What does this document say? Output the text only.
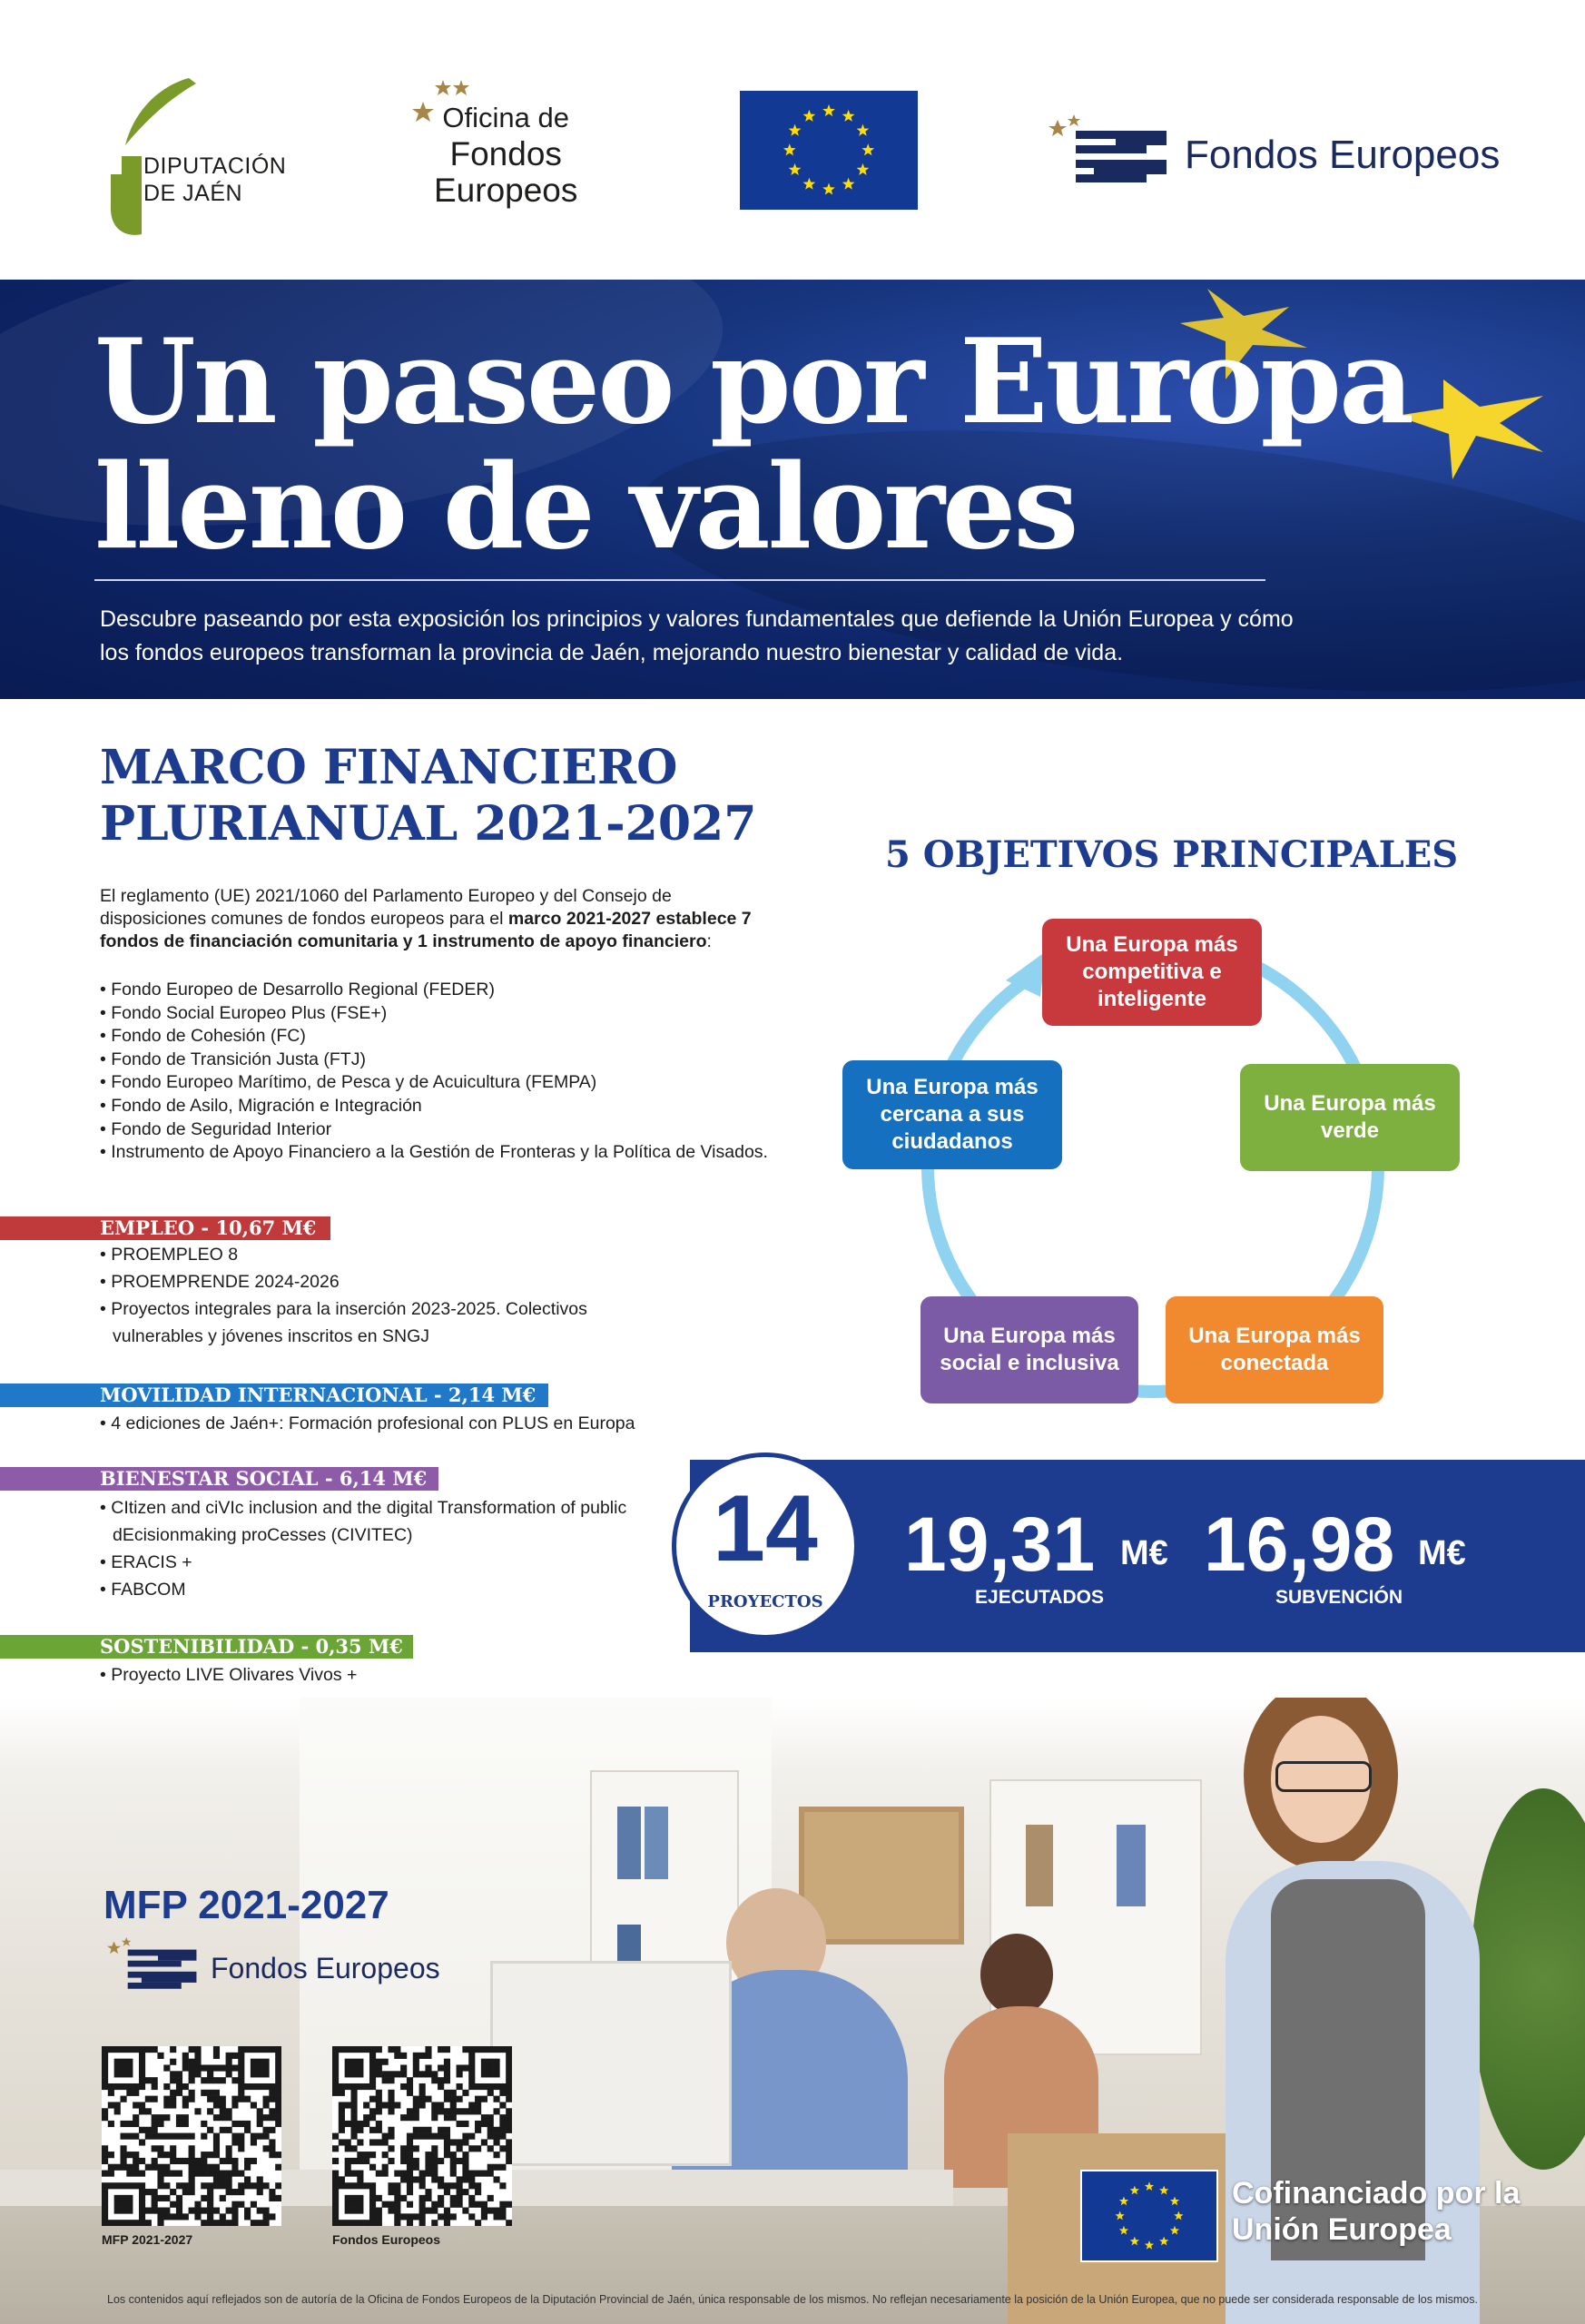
DIPUTACIÓN
DE JAÉN
Oficina de
Fondos
Europeos
Fondos Europeos
Un paseo por Europa
lleno de valores
Descubre paseando por esta exposición los principios y valores fundamentales que defiende la Unión Europea y cómo los fondos europeos transforman la provincia de Jaén, mejorando nuestro bienestar y calidad de vida.
MARCO FINANCIERO
PLURIANUAL 2021-2027
El reglamento (UE) 2021/1060 del Parlamento Europeo y del Consejo de disposiciones comunes de fondos europeos para el marco 2021-2027 establece 7 fondos de financiación comunitaria y 1 instrumento de apoyo financiero:
• Fondo Europeo de Desarrollo Regional (FEDER)
• Fondo Social Europeo Plus (FSE+)
• Fondo de Cohesión (FC)
• Fondo de Transición Justa (FTJ)
• Fondo Europeo Marítimo, de Pesca y de Acuicultura (FEMPA)
• Fondo de Asilo, Migración e Integración
• Fondo de Seguridad Interior
• Instrumento de Apoyo Financiero a la Gestión de Fronteras y la Política de Visados.
EMPLEO - 10,67 M€
• PROEMPLEO 8
• PROEMPRENDE 2024-2026
• Proyectos integrales para la inserción 2023-2025. Colectivos vulnerables y jóvenes inscritos en SNGJ
MOVILIDAD INTERNACIONAL - 2,14 M€
• 4 ediciones de Jaén+: Formación profesional con PLUS en Europa
BIENESTAR SOCIAL - 6,14 M€
• CItizen and ciVIc inclusion and the digital Transformation of public dEcisionmaking proCesses (CIVITEC)
• ERACIS +
• FABCOM
SOSTENIBILIDAD - 0,35 M€
• Proyecto LIVE Olivares Vivos +
5 OBJETIVOS PRINCIPALES
Una Europa más competitiva e inteligente
Una Europa más verde
Una Europa más conectada
Una Europa más social e inclusiva
Una Europa más cercana a sus ciudadanos
14
PROYECTOS
19,31 M€
EJECUTADOS
16,98 M€
SUBVENCIÓN
MFP 2021-2027
Fondos Europeos
MFP 2021-2027	Fondos Europeos
Cofinanciado por la Unión Europea
Los contenidos aquí reflejados son de autoría de la Oficina de Fondos Europeos de la Diputación Provincial de Jaén, única responsable de los mismos. No reflejan necesariamente la posición de la Unión Europea, que no puede ser considerada responsable de los mismos.
